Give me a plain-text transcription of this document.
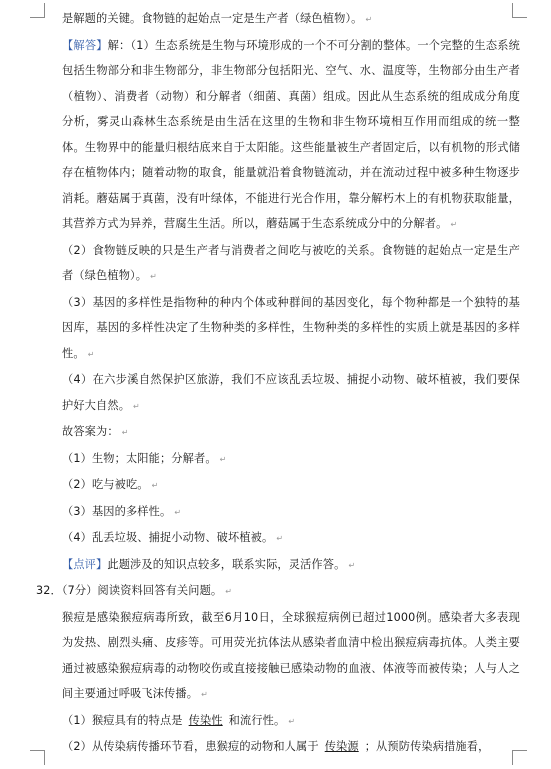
是解题的关键。食物链的起始点一定是生产者（绿色植物）。 ↵

【解答】解：（1）生态系统是生物与环境形成的一个不可分割的整体。一个完整的生态系统包括生物部分和非生物部分，非生物部分包括阳光、空气、水、温度等，生物部分由生产者（植物）、消费者（动物）和分解者（细菌、真菌）组成。因此从生态系统的组成成分角度分析，雾灵山森林生态系统是由生活在这里的生物和非生物环境相互作用而组成的统一整体。生物界中的能量归根结底来自于太阳能。这些能量被生产者固定后，以有机物的形式储存在植物体内；随着动物的取食，能量就沿着食物链流动，并在流动过程中被多种生物逐步消耗。蘑菇属于真菌，没有叶绿体，不能进行光合作用，靠分解朽木上的有机物获取能量，其营养方式为异养，营腐生生活。所以，蘑菇属于生态系统成分中的分解者。 ↵

（2）食物链反映的只是生产者与消费者之间吃与被吃的关系。食物链的起始点一定是生产者（绿色植物）。 ↵

（3）基因的多样性是指物种的种内个体或种群间的基因变化，每个物种都是一个独特的基因库，基因的多样性决定了生物种类的多样性，生物种类的多样性的实质上就是基因的多样性。 ↵

（4）在六步溪自然保护区旅游，我们不应该乱丢垃圾、捕捉小动物、破坏植被，我们要保护好大自然。 ↵

故答案为： ↵

（1）生物；太阳能；分解者。 ↵

（2）吃与被吃。 ↵

（3）基因的多样性。 ↵

（4）乱丢垃圾、捕捉小动物、破坏植被。 ↵

【点评】此题涉及的知识点较多，联系实际，灵活作答。 ↵

32．（7分）阅读资料回答有关问题。 ↵

猴痘是感染猴痘病毒所致，截至6月10日，全球猴痘病例已超过1000例。感染者大多表现为发热、剧烈头痛、皮疹等。可用荧光抗体法从感染者血清中检出猴痘病毒抗体。人类主要通过被感染猴痘病毒的动物咬伤或直接接触已感染动物的血液、体液等而被传染；人与人之间主要通过呼吸飞沫传播。 ↵

（1）猴痘具有的特点是 传染性 和流行性。 ↵

（2）从传染病传播环节看，患猴痘的动物和人属于 传染源 ；从预防传染病措施看，
